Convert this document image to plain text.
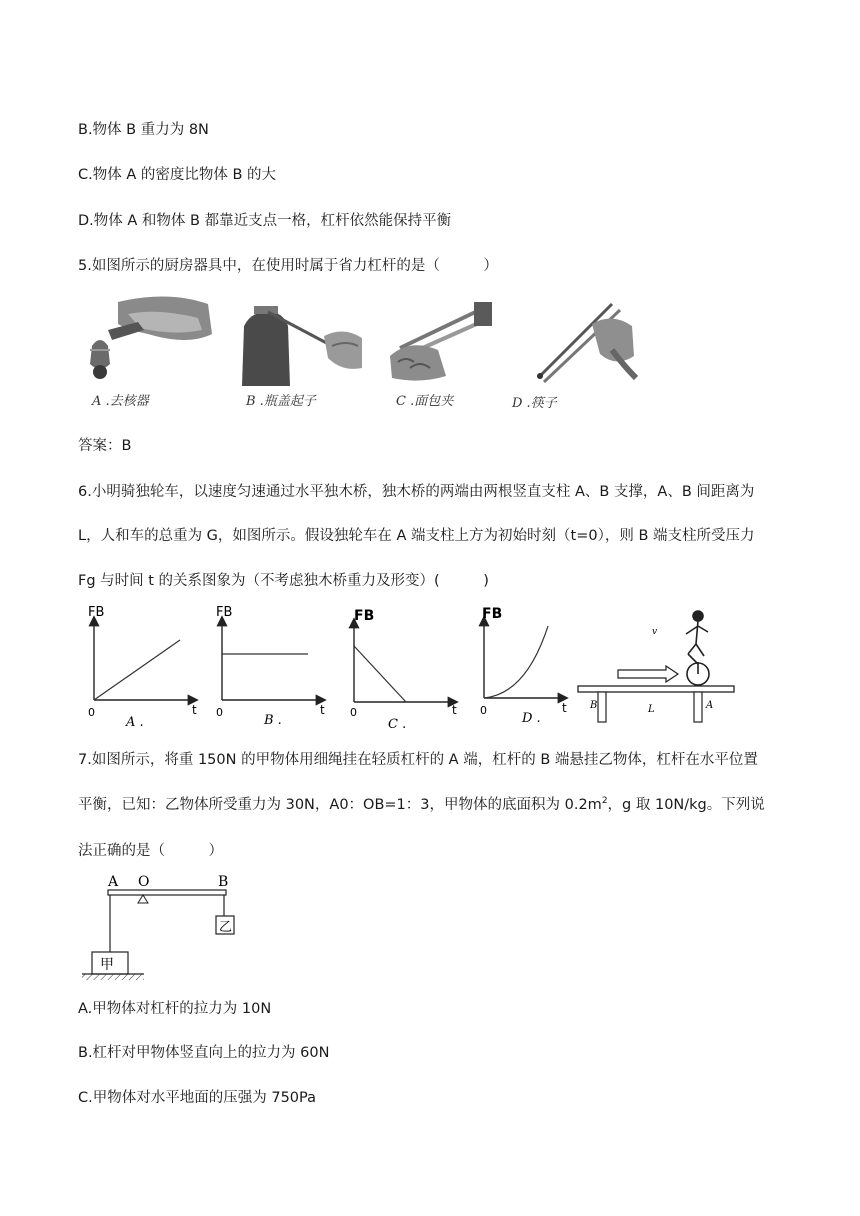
B.物体 B 重力为 8N
C.物体 A 的密度比物体 B 的大
D.物体 A 和物体 B 都靠近支点一格，杠杆依然能保持平衡
5.如图所示的厨房器具中，在使用时属于省力杠杆的是（　　　）
A .去核器	B .瓶盖起子	C .面包夹	D .筷子
答案：B
6.小明骑独轮车，以速度匀速通过水平独木桥，独木桥的两端由两根竖直支柱 A、B 支撑，A、B 间距离为
L，人和车的总重为 G，如图所示。假设独轮车在 A 端支柱上方为初始时刻（t=0），则 B 端支柱所受压力
Fg 与时间 t 的关系图象为（不考虑独木桥重力及形变）(　　　)
FB
t
0
A .
FB
t
0
B .
FB
t
0
C .
FB
t
0
D .
v
B	L	A
7.如图所示，将重 150N 的甲物体用细绳挂在轻质杠杆的 A 端，杠杆的 B 端悬挂乙物体，杠杆在水平位置
平衡，已知：乙物体所受重力为 30N，A0：OB=1：3，甲物体的底面积为 $0.2m^2$，g 取 10N/kg。下列说
法正确的是（　　　）
A O	B
乙
甲
A.甲物体对杠杆的拉力为 10N
B.杠杆对甲物体竖直向上的拉力为 60N
C.甲物体对水平地面的压强为 750Pa
